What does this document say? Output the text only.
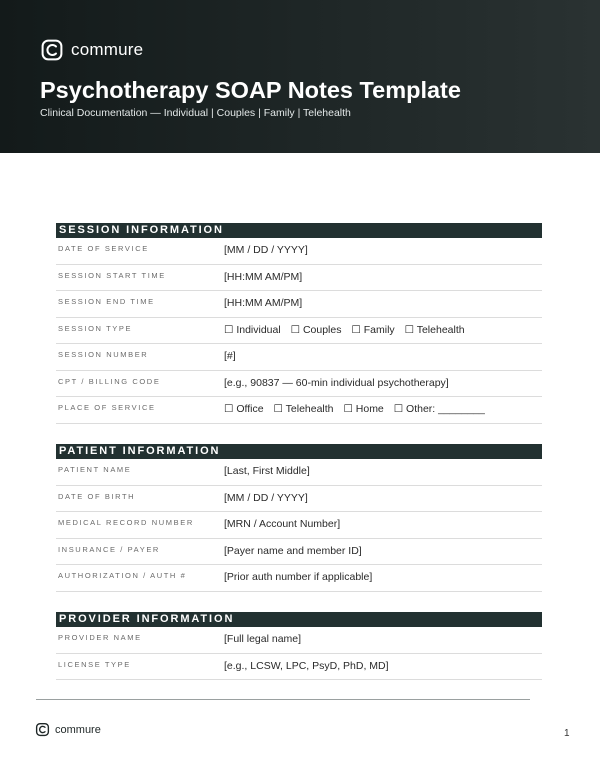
commure
Psychotherapy SOAP Notes Template
Clinical Documentation — Individual | Couples | Family | Telehealth
SESSION INFORMATION
DATE OF SERVICE	[MM / DD / YYYY]
SESSION START TIME	[HH:MM AM/PM]
SESSION END TIME	[HH:MM AM/PM]
SESSION TYPE	☐ Individual ☐ Couples ☐ Family ☐ Telehealth
SESSION NUMBER	[#]
CPT / BILLING CODE	[e.g., 90837 — 60-min individual psychotherapy]
PLACE OF SERVICE	☐ Office ☐ Telehealth ☐ Home ☐ Other: ________
PATIENT INFORMATION
PATIENT NAME	[Last, First Middle]
DATE OF BIRTH	[MM / DD / YYYY]
MEDICAL RECORD NUMBER	[MRN / Account Number]
INSURANCE / PAYER	[Payer name and member ID]
AUTHORIZATION / AUTH #	[Prior auth number if applicable]
PROVIDER INFORMATION
PROVIDER NAME	[Full legal name]
LICENSE TYPE	[e.g., LCSW, LPC, PsyD, PhD, MD]
commure	1
